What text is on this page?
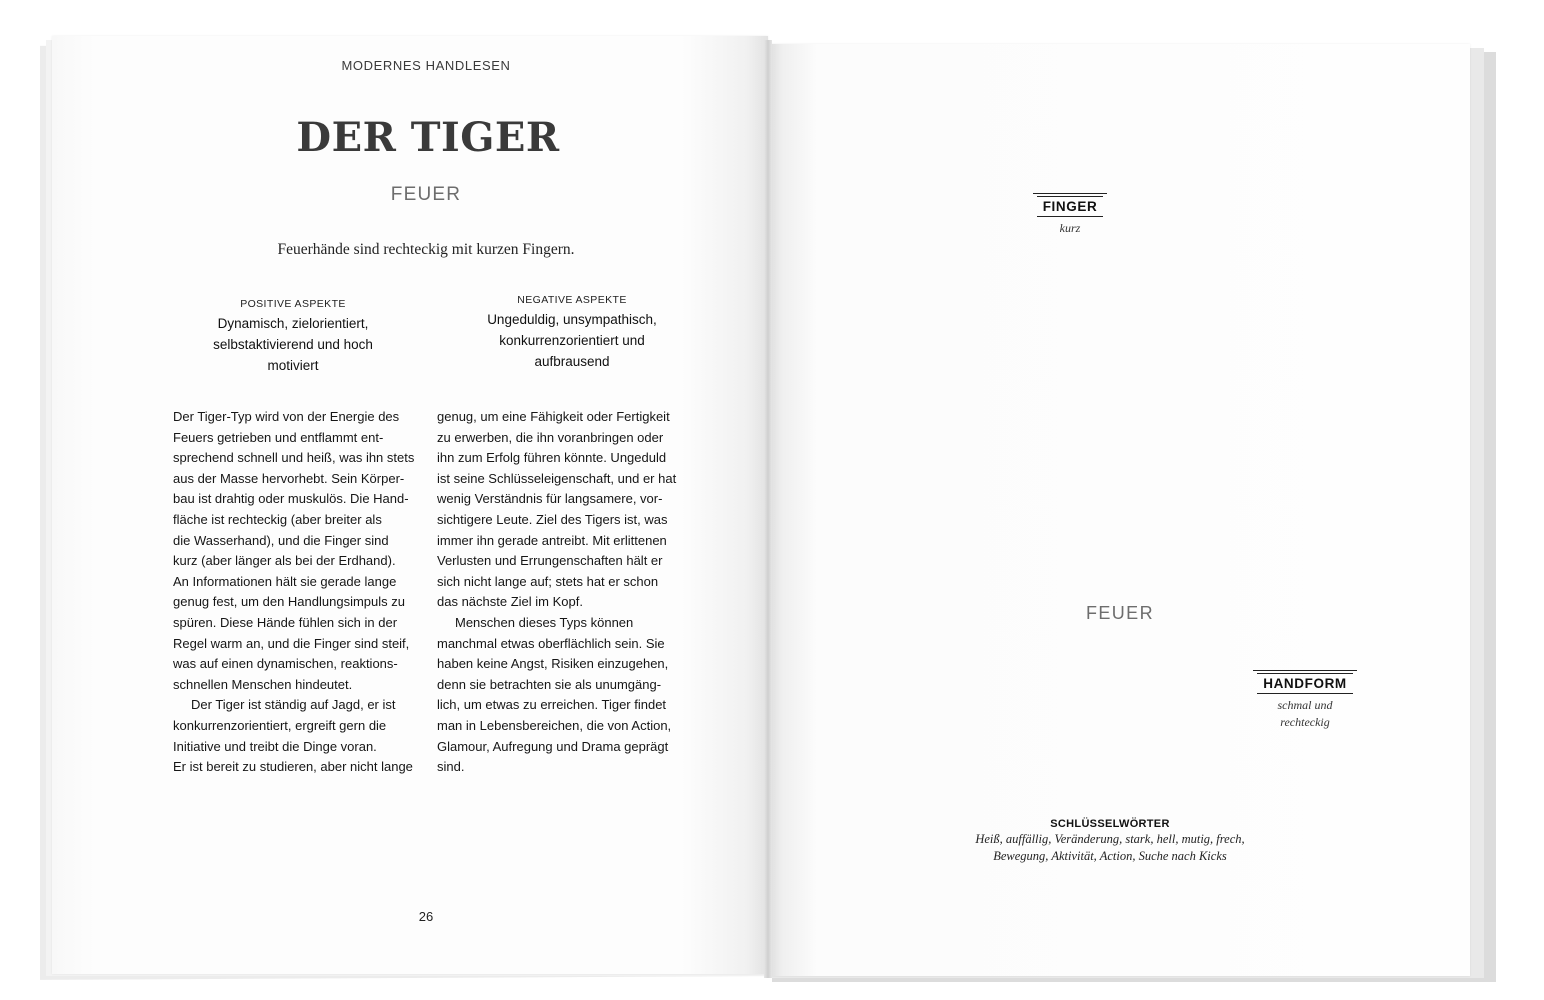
MODERNES HANDLESEN
DER TIGER
FEUER
Feuerhände sind rechteckig mit kurzen Fingern.
POSITIVE ASPEKTE
Dynamisch, zielorientiert, selbstaktivierend und hoch motiviert
NEGATIVE ASPEKTE
Ungeduldig, unsympathisch, konkurrenzorientiert und aufbrausend

Der Tiger-Typ wird von der Energie des
Feuers getrieben und entflammt ent-
sprechend schnell und heiß, was ihn stets
aus der Masse hervorhebt. Sein Körper-
bau ist drahtig oder muskulös. Die Hand-
fläche ist rechteckig (aber breiter als
die Wasserhand), und die Finger sind
kurz (aber länger als bei der Erdhand).
An Informationen hält sie gerade lange
genug fest, um den Handlungsimpuls zu
spüren. Diese Hände fühlen sich in der
Regel warm an, und die Finger sind steif,
was auf einen dynamischen, reaktions-
schnellen Menschen hindeutet.

Der Tiger ist ständig auf Jagd, er ist
konkurrenzorientiert, ergreift gern die
Initiative und treibt die Dinge voran.
Er ist bereit zu studieren, aber nicht lange

genug, um eine Fähigkeit oder Fertigkeit
zu erwerben, die ihn voranbringen oder
ihn zum Erfolg führen könnte. Ungeduld
ist seine Schlüsseleigenschaft, und er hat
wenig Verständnis für langsamere, vor-
sichtigere Leute. Ziel des Tigers ist, was
immer ihn gerade antreibt. Mit erlittenen
Verlusten und Errungenschaften hält er
sich nicht lange auf; stets hat er schon
das nächste Ziel im Kopf.

Menschen dieses Typs können
manchmal etwas oberflächlich sein. Sie
haben keine Angst, Risiken einzugehen,
denn sie betrachten sie als unumgäng-
lich, um etwas zu erreichen. Tiger findet
man in Lebensbereichen, die von Action,
Glamour, Aufregung und Drama geprägt
sind.

26
FINGER
kurz
FEUER
HANDFORM
schmal und
rechteckig
SCHLÜSSELWÖRTER
Heiß, auffällig, Veränderung, stark, hell, mutig, frech,
Bewegung, Aktivität, Action, Suche nach Kicks
